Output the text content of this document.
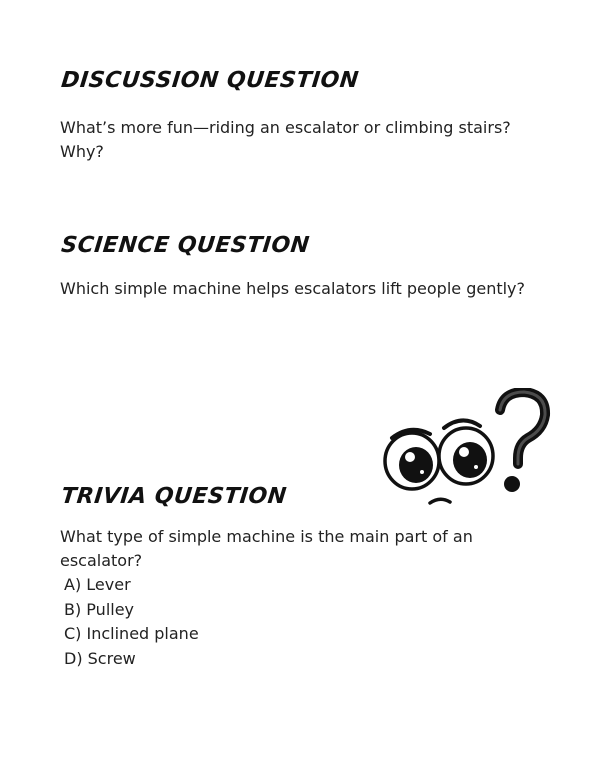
DISCUSSION QUESTION

What’s more fun—riding an escalator or climbing stairs? Why?

SCIENCE QUESTION

Which simple machine helps escalators lift people gently?

TRIVIA QUESTION

What type of simple machine is the main part of an escalator?

A) Lever
B) Pulley
C) Inclined plane
D) Screw
